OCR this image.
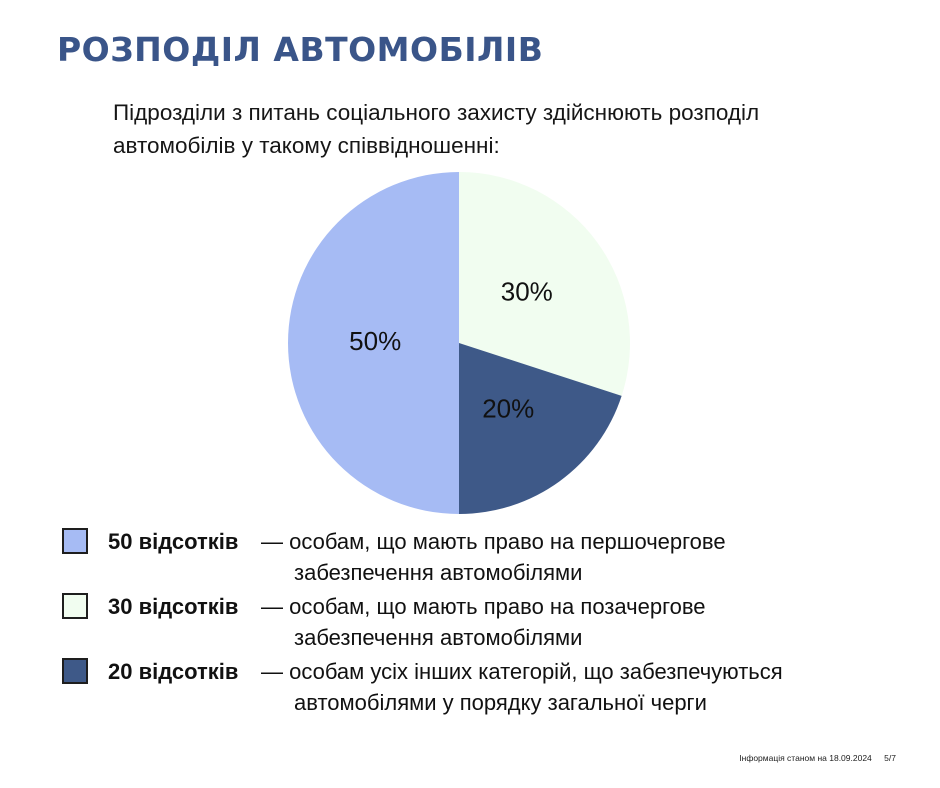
РОЗПОДІЛ АВТОМОБІЛІВ
Підрозділи з питань соціального захисту здійснюють розподіл автомобілів у такому співвідношенні:
30%
20%
50%
50 відсотків — особам, що мають право на першочергове
забезпечення автомобілями
30 відсотків — особам, що мають право на позачергове
забезпечення автомобілями
20 відсотків — особам усіх інших категорій, що забезпечуються
автомобілями у порядку загальної черги
Інформація станом на 18.09.2024 5/7
